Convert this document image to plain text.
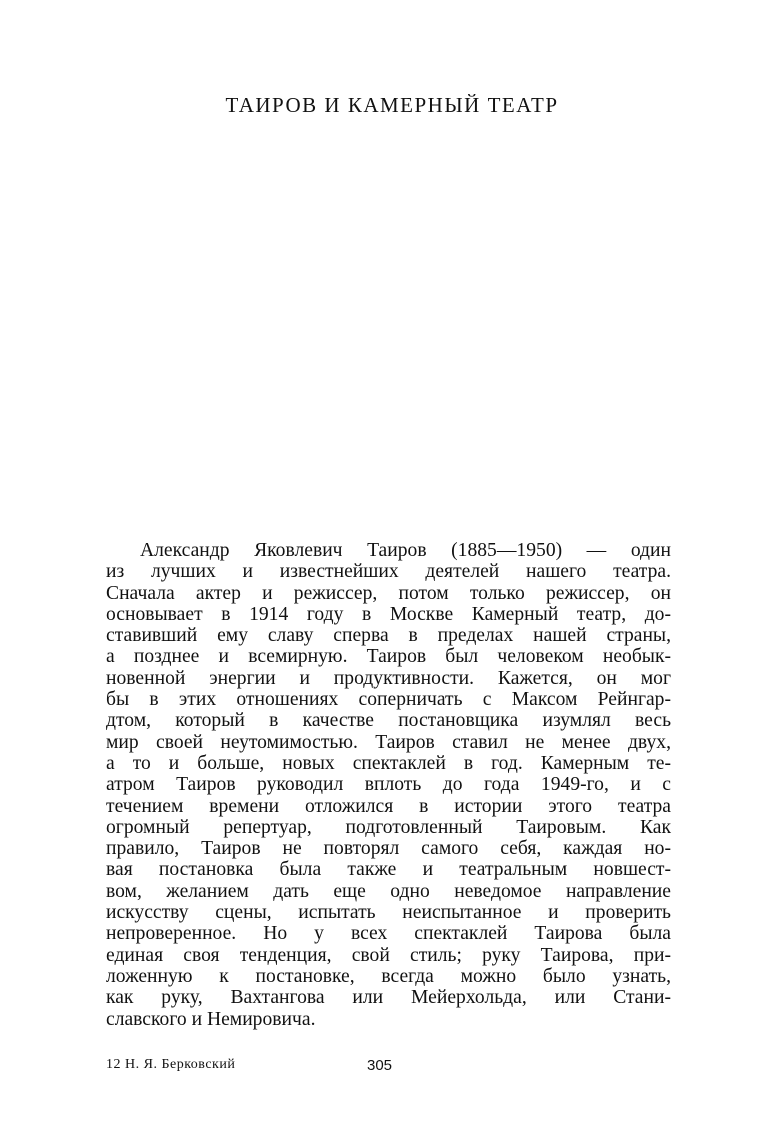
ТАИРОВ И КАМЕРНЫЙ ТЕАТР
Александр Яковлевич Таиров (1885—1950) — один
из лучших и известнейших деятелей нашего театра.
Сначала актер и режиссер, потом только режиссер, он
основывает в 1914 году в Москве Камерный театр, до-
ставивший ему славу сперва в пределах нашей страны,
а позднее и всемирную. Таиров был человеком необык-
новенной энергии и продуктивности. Кажется, он мог
бы в этих отношениях соперничать с Максом Рейнгар-
дтом, который в качестве постановщика изумлял весь
мир своей неутомимостью. Таиров ставил не менее двух,
а то и больше, новых спектаклей в год. Камерным те-
атром Таиров руководил вплоть до года 1949-го, и с
течением времени отложился в истории этого театра
огромный репертуар, подготовленный Таировым. Как
правило, Таиров не повторял самого себя, каждая но-
вая постановка была также и театральным новшест-
вом, желанием дать еще одно неведомое направление
искусству сцены, испытать неиспытанное и проверить
непроверенное. Но у всех спектаклей Таирова была
единая своя тенденция, свой стиль; руку Таирова, при-
ложенную к постановке, всегда можно было узнать,
как руку, Вахтангова или Мейерхольда, или Стани-
славского и Немировича.
12 Н. Я. Берковский	305
